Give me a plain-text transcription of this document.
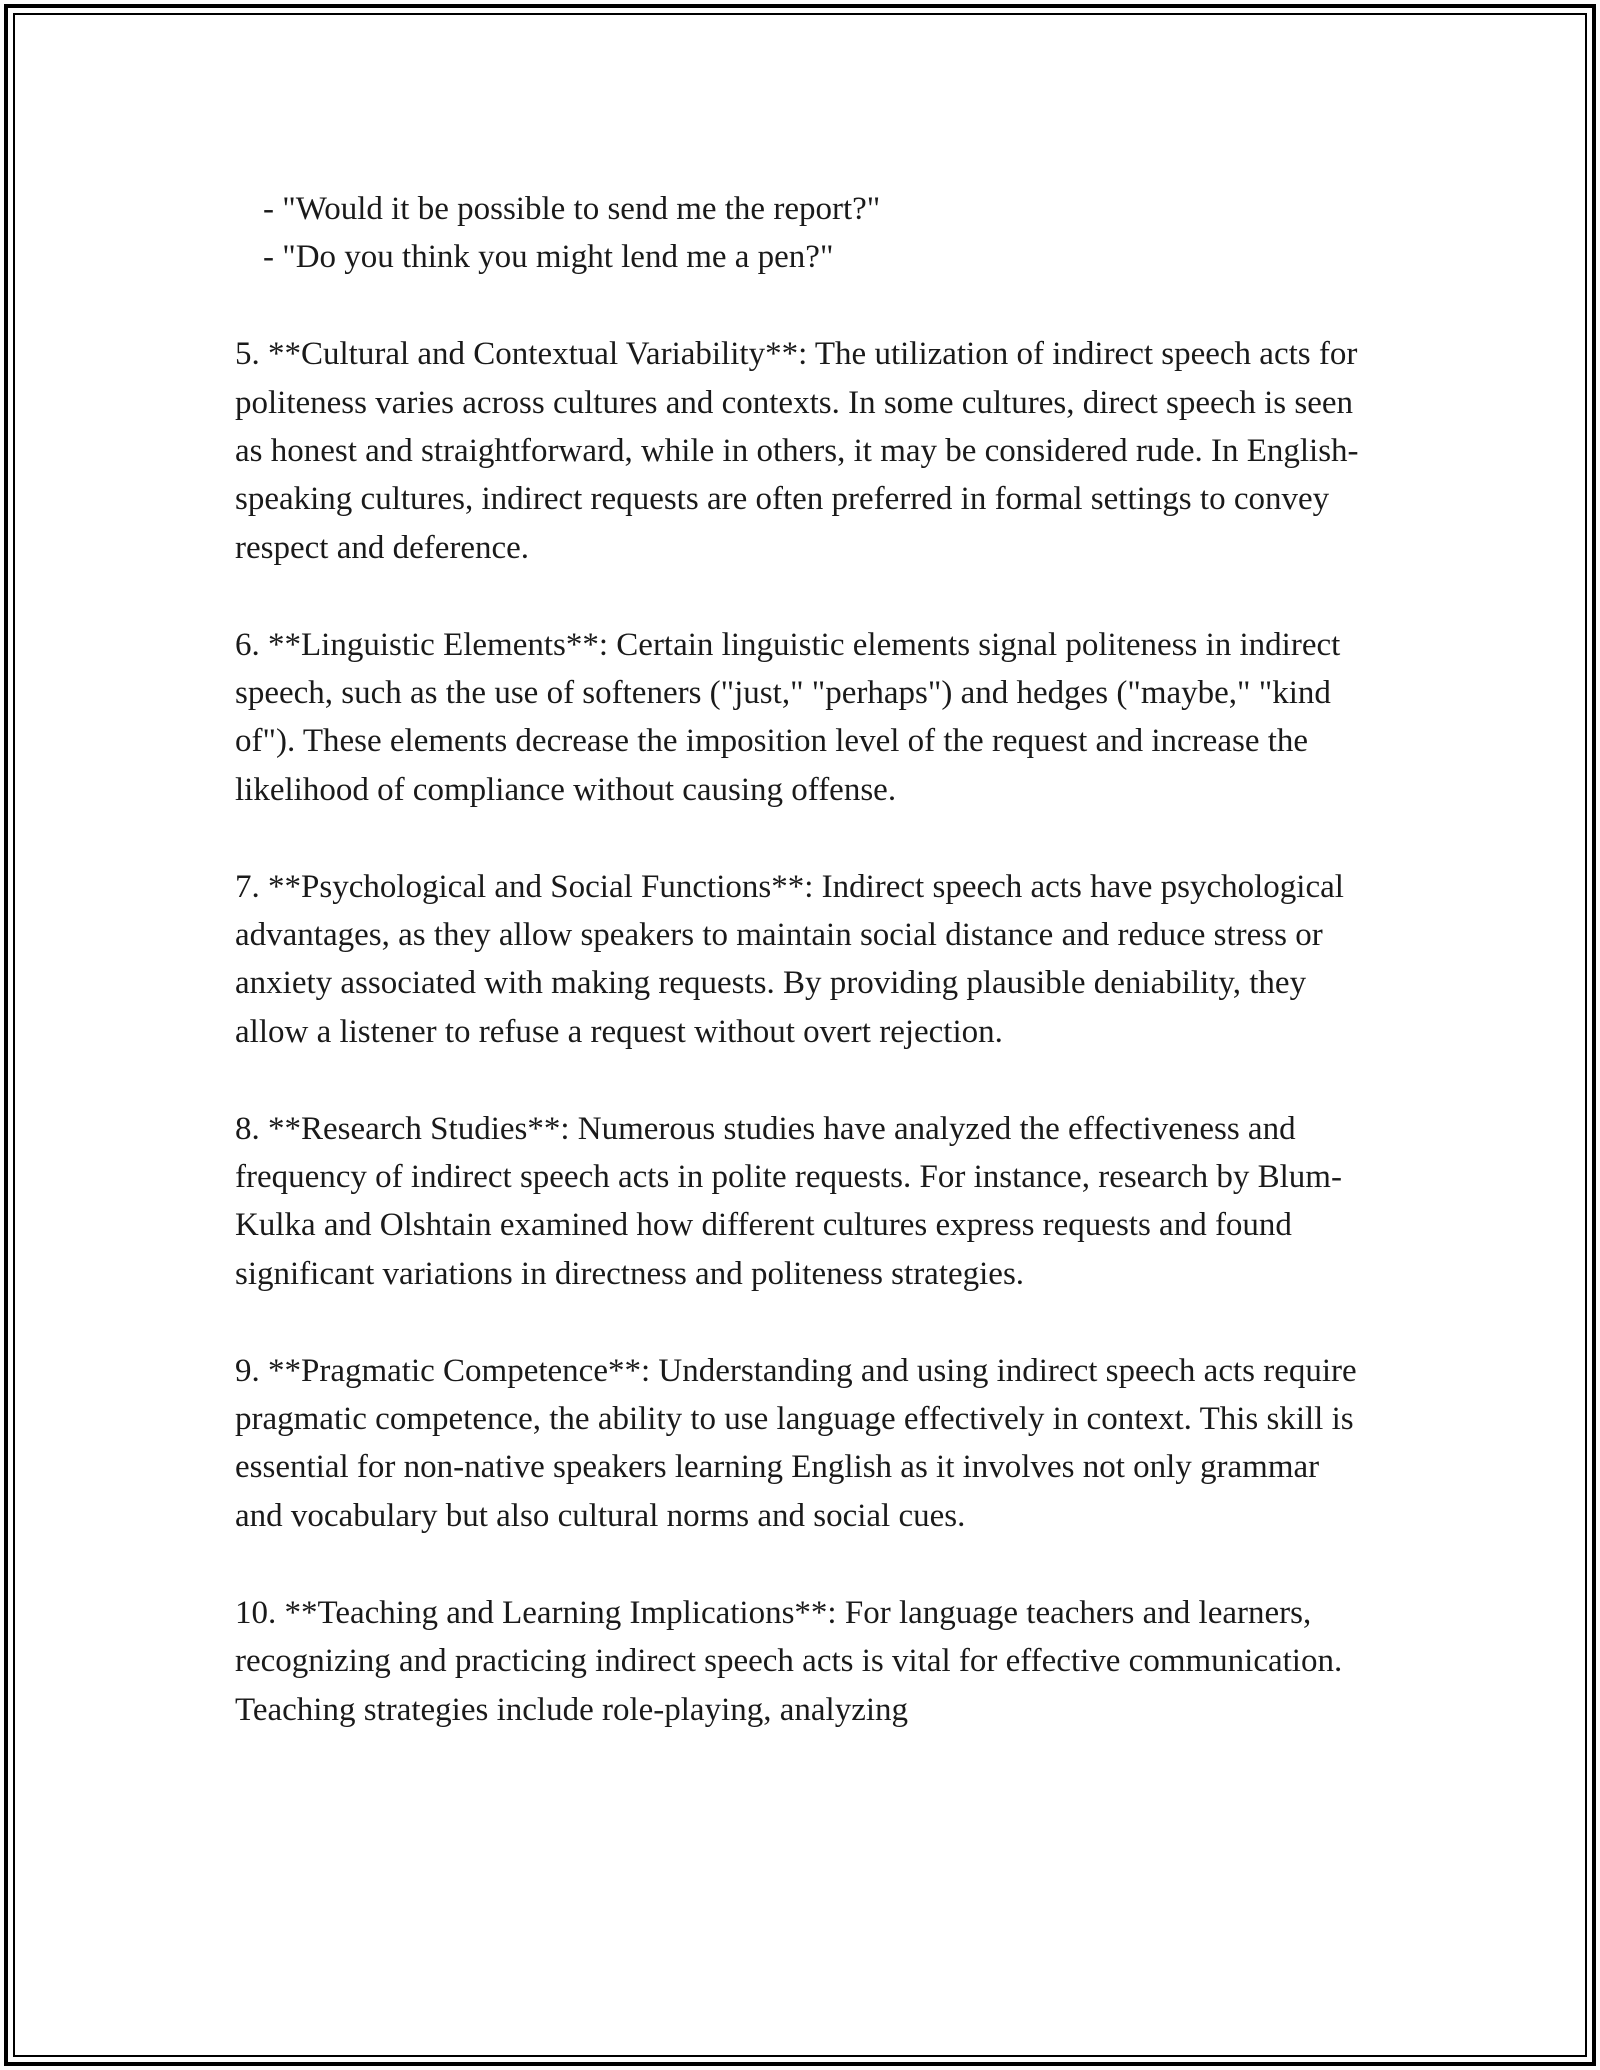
- "Would it be possible to send me the report?"
- "Do you think you might lend me a pen?"

5. **Cultural and Contextual Variability**: The utilization of indirect speech acts for politeness varies across cultures and contexts. In some cultures, direct speech is seen as honest and straightforward, while in others, it may be considered rude. In English-speaking cultures, indirect requests are often preferred in formal settings to convey respect and deference.

6. **Linguistic Elements**: Certain linguistic elements signal politeness in indirect speech, such as the use of softeners ("just," "perhaps") and hedges ("maybe," "kind of"). These elements decrease the imposition level of the request and increase the likelihood of compliance without causing offense.

7. **Psychological and Social Functions**: Indirect speech acts have psychological advantages, as they allow speakers to maintain social distance and reduce stress or anxiety associated with making requests. By providing plausible deniability, they allow a listener to refuse a request without overt rejection.

8. **Research Studies**: Numerous studies have analyzed the effectiveness and frequency of indirect speech acts in polite requests. For instance, research by Blum-Kulka and Olshtain examined how different cultures express requests and found significant variations in directness and politeness strategies.

9. **Pragmatic Competence**: Understanding and using indirect speech acts require pragmatic competence, the ability to use language effectively in context. This skill is essential for non-native speakers learning English as it involves not only grammar and vocabulary but also cultural norms and social cues.

10. **Teaching and Learning Implications**: For language teachers and learners, recognizing and practicing indirect speech acts is vital for effective communication. Teaching strategies include role-playing, analyzing
